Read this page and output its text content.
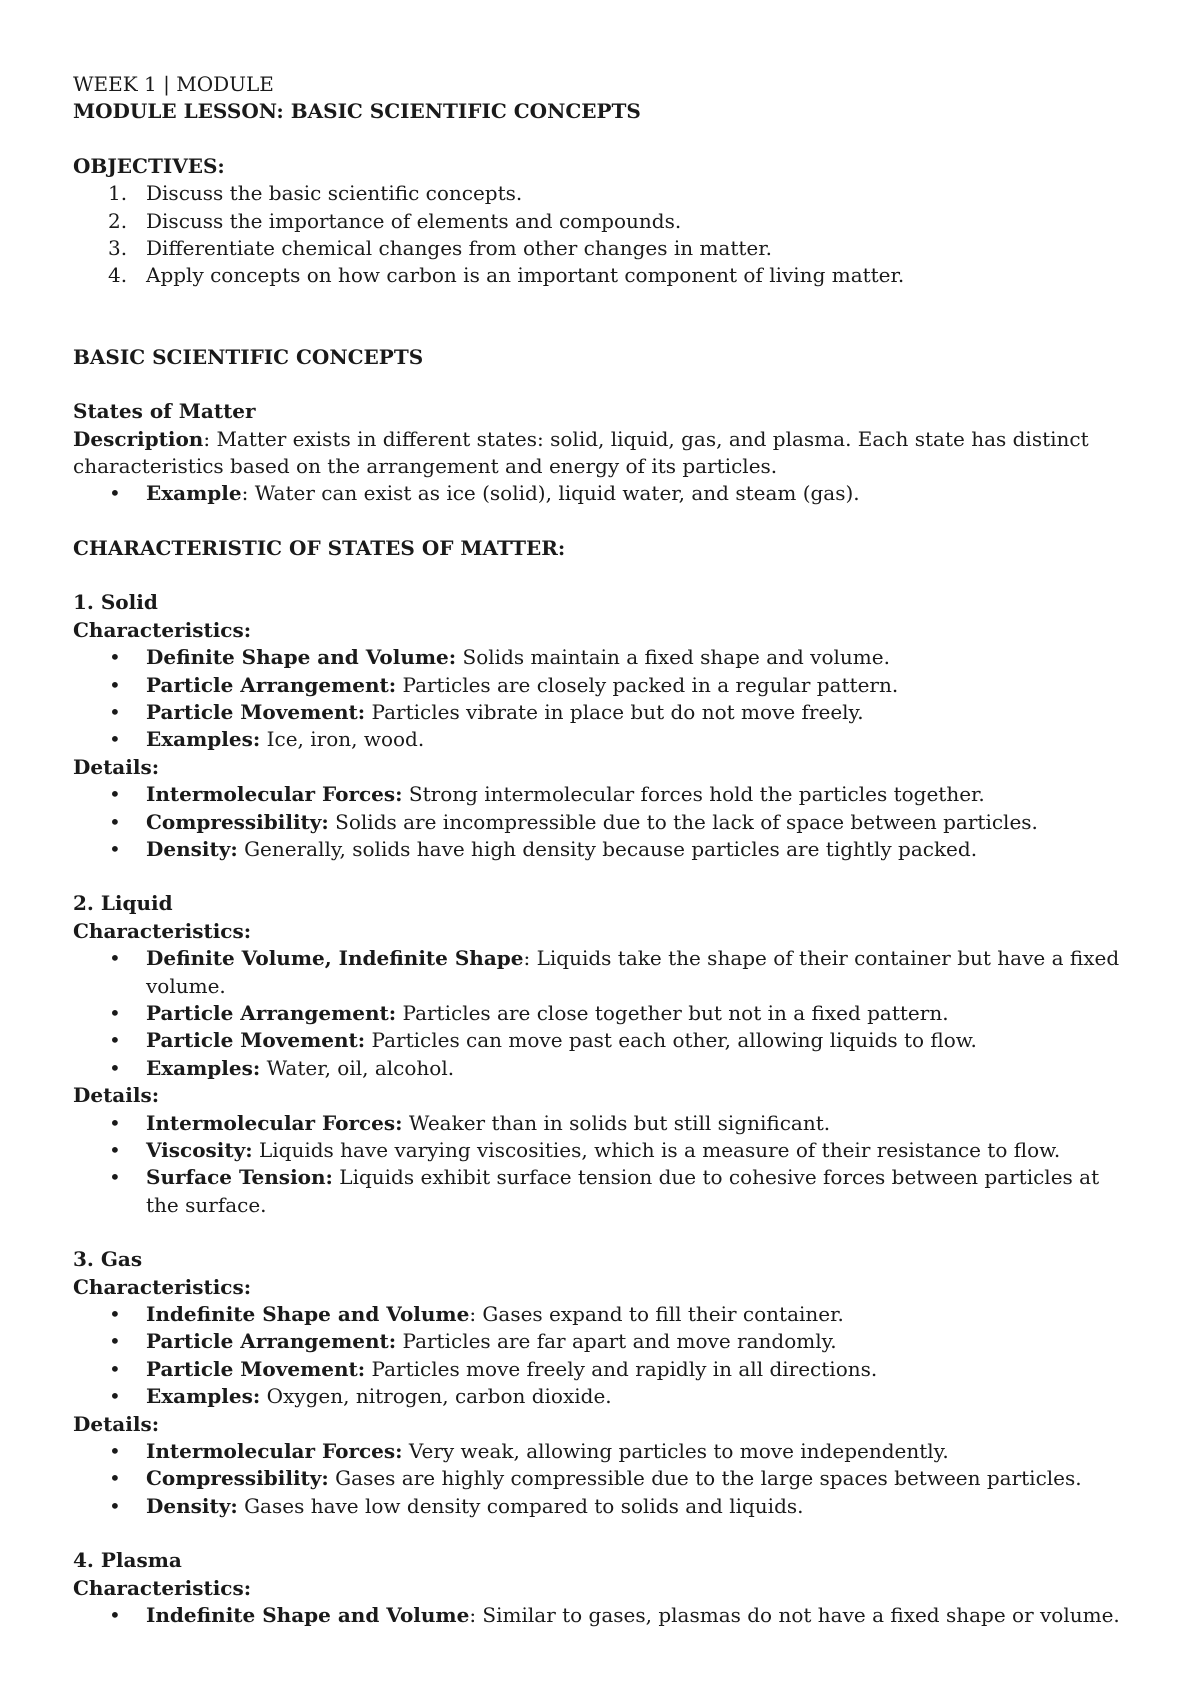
WEEK 1 | MODULE

MODULE LESSON: BASIC SCIENTIFIC CONCEPTS

OBJECTIVES:

1. Discuss the basic scientific concepts.
2. Discuss the importance of elements and compounds.
3. Differentiate chemical changes from other changes in matter.
4. Apply concepts on how carbon is an important component of living matter.

BASIC SCIENTIFIC CONCEPTS

States of Matter

Description: Matter exists in different states: solid, liquid, gas, and plasma. Each state has distinct characteristics based on the arrangement and energy of its particles.

• Example: Water can exist as ice (solid), liquid water, and steam (gas).

CHARACTERISTIC OF STATES OF MATTER:

1. Solid

Characteristics:

• Definite Shape and Volume: Solids maintain a fixed shape and volume.
• Particle Arrangement: Particles are closely packed in a regular pattern.
• Particle Movement: Particles vibrate in place but do not move freely.
• Examples: Ice, iron, wood.

Details:

• Intermolecular Forces: Strong intermolecular forces hold the particles together.
• Compressibility: Solids are incompressible due to the lack of space between particles.
• Density: Generally, solids have high density because particles are tightly packed.

2. Liquid

Characteristics:

• Definite Volume, Indefinite Shape: Liquids take the shape of their container but have a fixed volume.
• Particle Arrangement: Particles are close together but not in a fixed pattern.
• Particle Movement: Particles can move past each other, allowing liquids to flow.
• Examples: Water, oil, alcohol.

Details:

• Intermolecular Forces: Weaker than in solids but still significant.
• Viscosity: Liquids have varying viscosities, which is a measure of their resistance to flow.
• Surface Tension: Liquids exhibit surface tension due to cohesive forces between particles at the surface.

3. Gas

Characteristics:

• Indefinite Shape and Volume: Gases expand to fill their container.
• Particle Arrangement: Particles are far apart and move randomly.
• Particle Movement: Particles move freely and rapidly in all directions.
• Examples: Oxygen, nitrogen, carbon dioxide.

Details:

• Intermolecular Forces: Very weak, allowing particles to move independently.
• Compressibility: Gases are highly compressible due to the large spaces between particles.
• Density: Gases have low density compared to solids and liquids.

4. Plasma

Characteristics:

• Indefinite Shape and Volume: Similar to gases, plasmas do not have a fixed shape or volume.
